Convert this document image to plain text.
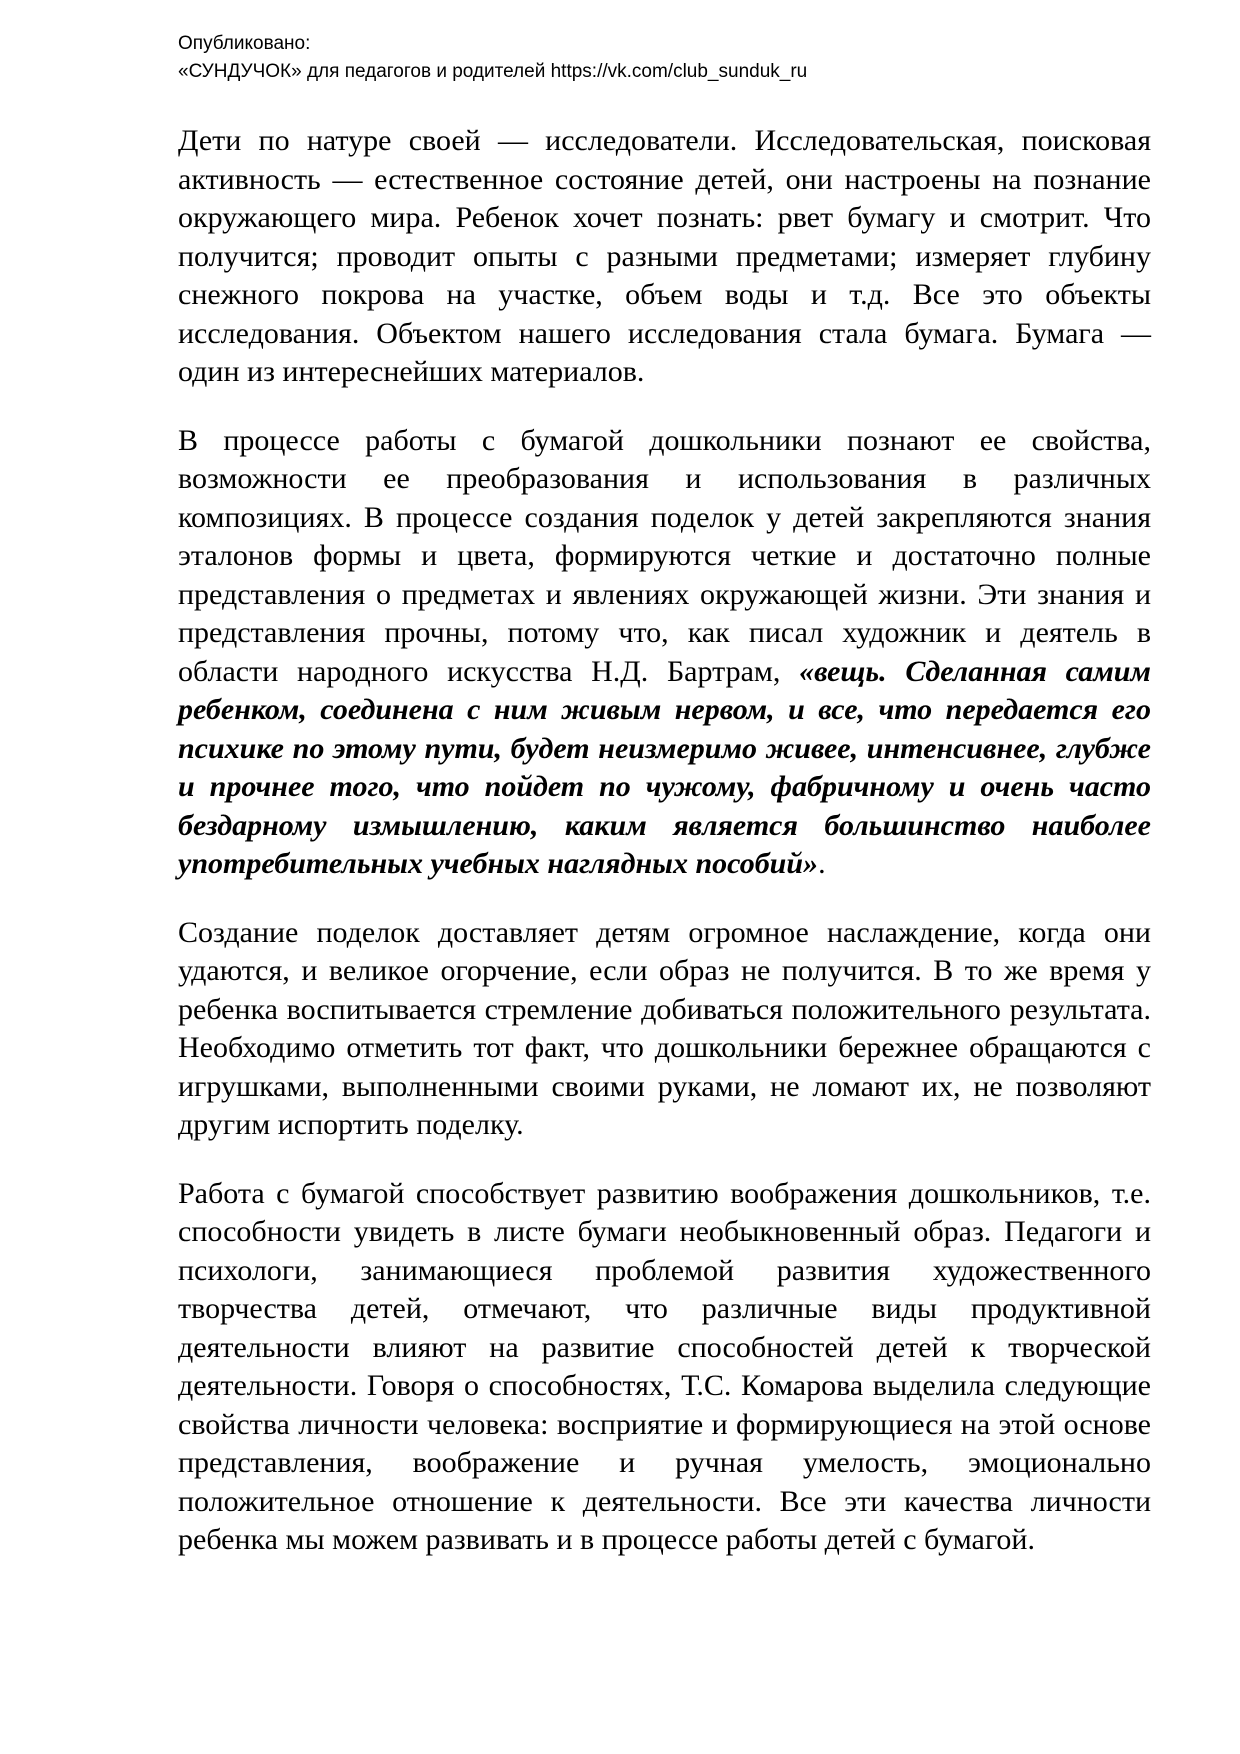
Опубликовано:
«СУНДУЧОК» для педагогов и родителей https://vk.com/club_sunduk_ru

Дети по натуре своей — исследователи. Исследовательская, поисковая активность — естественное состояние детей, они настроены на познание окружающего мира. Ребенок хочет познать: рвет бумагу и смотрит. Что получится; проводит опыты с разными предметами; измеряет глубину снежного покрова на участке, объем воды и т.д. Все это объекты исследования. Объектом нашего исследования стала бумага. Бумага — один из интереснейших материалов.

В процессе работы с бумагой дошкольники познают ее свойства, возможности ее преобразования и использования в различных композициях. В процессе создания поделок у детей закрепляются знания эталонов формы и цвета, формируются четкие и достаточно полные представления о предметах и явлениях окружающей жизни. Эти знания и представления прочны, потому что, как писал художник и деятель в области народного искусства Н.Д. Бартрам, «вещь. Сделанная самим ребенком, соединена с ним живым нервом, и все, что передается его психике по этому пути, будет неизмеримо живее, интенсивнее, глубже и прочнее того, что пойдет по чужому, фабричному и очень часто бездарному измышлению, каким является большинство наиболее употребительных учебных наглядных пособий».

Создание поделок доставляет детям огромное наслаждение, когда они удаются, и великое огорчение, если образ не получится. В то же время у ребенка воспитывается стремление добиваться положительного результата. Необходимо отметить тот факт, что дошкольники бережнее обращаются с игрушками, выполненными своими руками, не ломают их, не позволяют другим испортить поделку.

Работа с бумагой способствует развитию воображения дошкольников, т.е. способности увидеть в листе бумаги необыкновенный образ. Педагоги и психологи, занимающиеся проблемой развития художественного творчества детей, отмечают, что различные виды продуктивной деятельности влияют на развитие способностей детей к творческой деятельности. Говоря о способностях, Т.С. Комарова выделила следующие свойства личности человека: восприятие и формирующиеся на этой основе представления, воображение и ручная умелость, эмоционально положительное отношение к деятельности. Все эти качества личности ребенка мы можем развивать и в процессе работы детей с бумагой.
